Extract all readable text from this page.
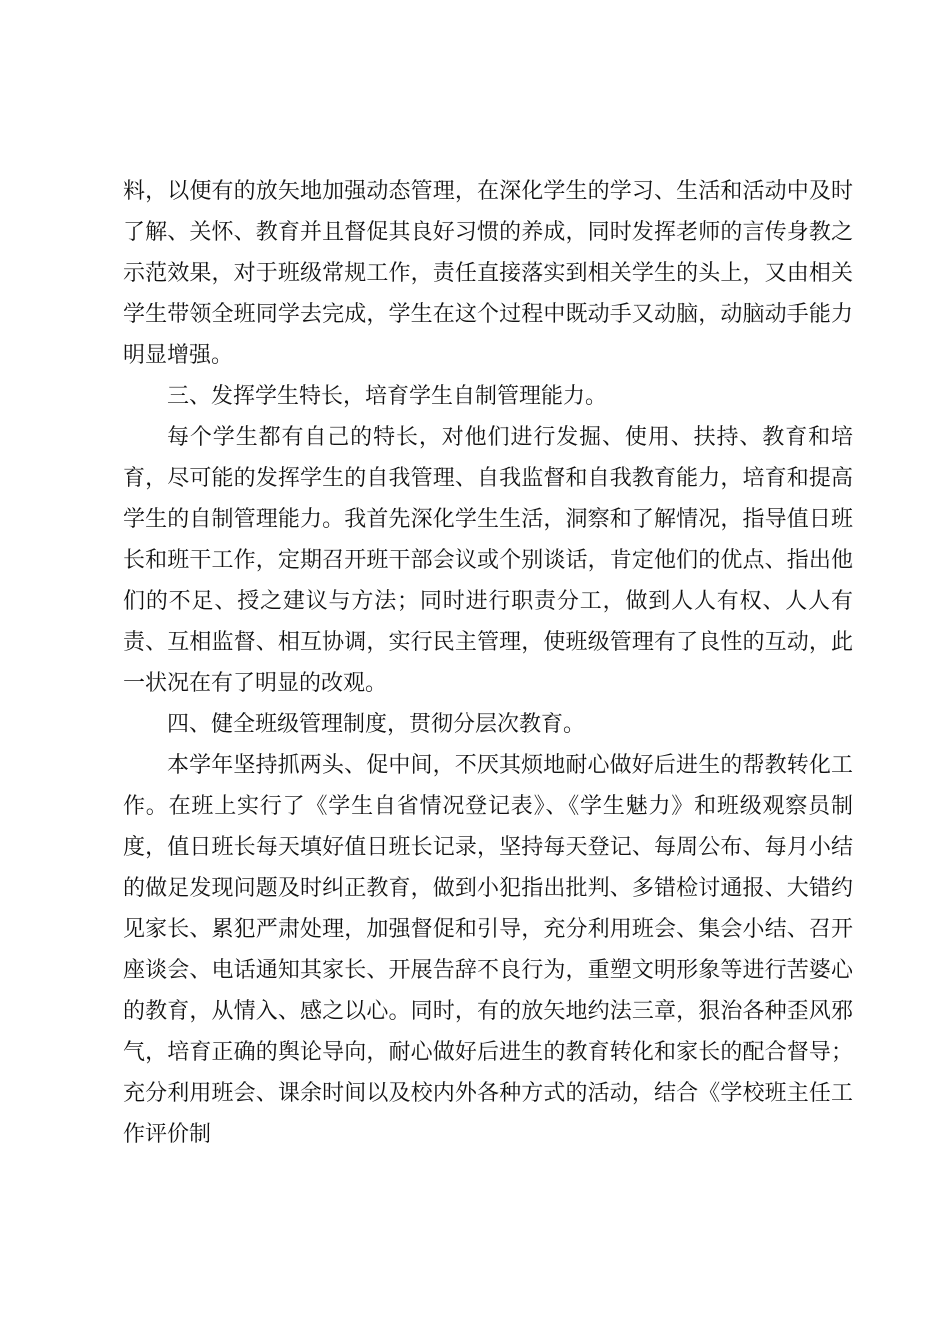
料，以便有的放矢地加强动态管理，在深化学生的学习、生活和活动中及时了解、关怀、教育并且督促其良好习惯的养成，同时发挥老师的言传身教之示范效果，对于班级常规工作，责任直接落实到相关学生的头上，又由相关学生带领全班同学去完成，学生在这个过程中既动手又动脑，动脑动手能力明显增强。

三、发挥学生特长，培育学生自制管理能力。

每个学生都有自己的特长，对他们进行发掘、使用、扶持、教育和培育，尽可能的发挥学生的自我管理、自我监督和自我教育能力，培育和提高学生的自制管理能力。我首先深化学生生活，洞察和了解情况，指导值日班长和班干工作，定期召开班干部会议或个别谈话，肯定他们的优点、指出他们的不足、授之建议与方法；同时进行职责分工，做到人人有权、人人有责、互相监督、相互协调，实行民主管理，使班级管理有了良性的互动，此一状况在有了明显的改观。

四、健全班级管理制度，贯彻分层次教育。

本学年坚持抓两头、促中间，不厌其烦地耐心做好后进生的帮教转化工作。在班上实行了《学生自省情况登记表》、《学生魅力》和班级观察员制度，值日班长每天填好值日班长记录，坚持每天登记、每周公布、每月小结的做足发现问题及时纠正教育，做到小犯指出批判、多错检讨通报、大错约见家长、累犯严肃处理，加强督促和引导，充分利用班会、集会小结、召开座谈会、电话通知其家长、开展告辞不良行为，重塑文明形象等进行苦婆心的教育，从情入、感之以心。同时，有的放矢地约法三章，狠治各种歪风邪气，培育正确的舆论导向，耐心做好后进生的教育转化和家长的配合督导；充分利用班会、课余时间以及校内外各种方式的活动，结合《学校班主任工作评价制
